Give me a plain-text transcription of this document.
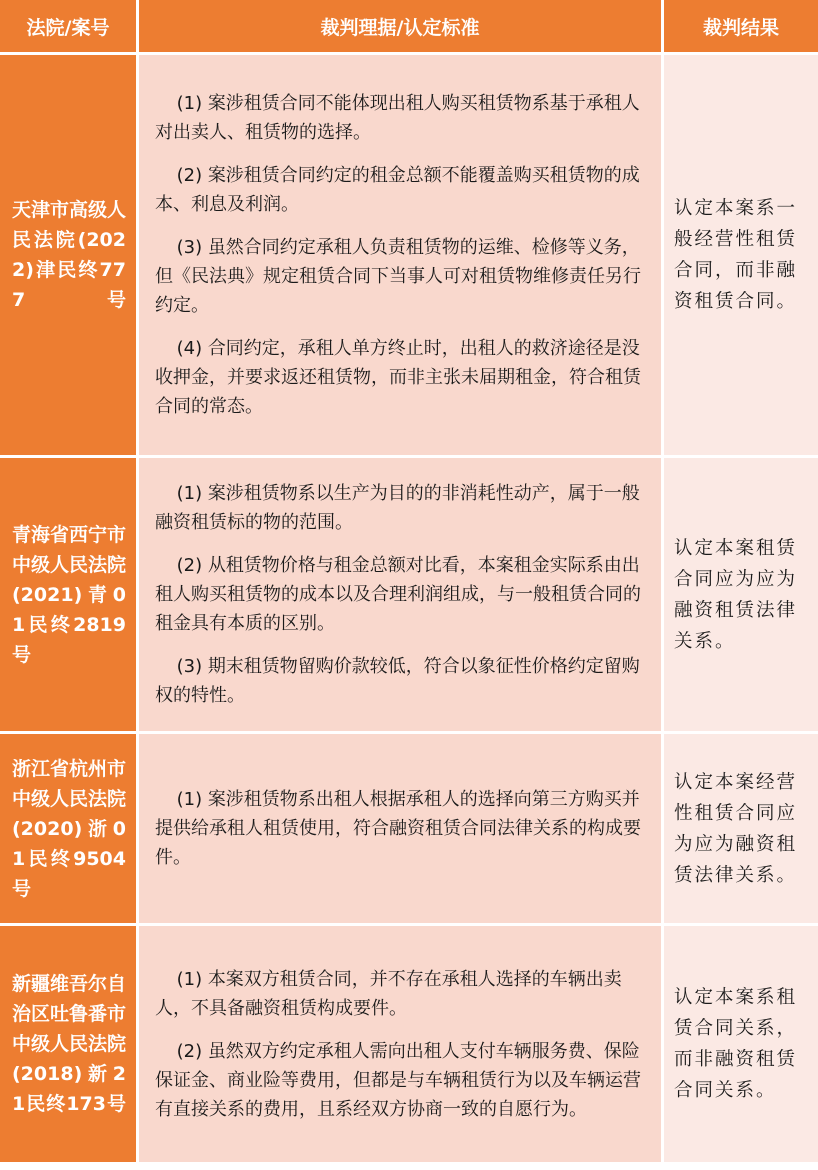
法院/案号	裁判理据/认定标准	裁判结果
天津市高级人民法院(2022)津民终777号

(1) 案涉租赁合同不能体现出租人购买租赁物系基于承租人对出卖人、租赁物的选择。

(2) 案涉租赁合同约定的租金总额不能覆盖购买租赁物的成本、利息及利润。

(3) 虽然合同约定承租人负责租赁物的运维、检修等义务，但《民法典》规定租赁合同下当事人可对租赁物维修责任另行约定。

(4) 合同约定，承租人单方终止时，出租人的救济途径是没收押金，并要求返还租赁物，而非主张未届期租金，符合租赁合同的常态。

认定本案系一般经营性租赁合同，而非融资租赁合同。
青海省西宁市中级人民法院(2021)青01民终2819号

(1) 案涉租赁物系以生产为目的的非消耗性动产，属于一般融资租赁标的物的范围。

(2) 从租赁物价格与租金总额对比看，本案租金实际系由出租人购买租赁物的成本以及合理利润组成，与一般租赁合同的租金具有本质的区别。

(3) 期末租赁物留购价款较低，符合以象征性价格约定留购权的特性。

认定本案租赁合同应为应为融资租赁法律关系。
浙江省杭州市中级人民法院(2020)浙01民终9504号

(1) 案涉租赁物系出租人根据承租人的选择向第三方购买并提供给承租人租赁使用，符合融资租赁合同法律关系的构成要件。

认定本案经营性租赁合同应为应为融资租赁法律关系。
新疆维吾尔自治区吐鲁番市中级人民法院(2018)新21民终173号

(1) 本案双方租赁合同，并不存在承租人选择的车辆出卖人，不具备融资租赁构成要件。

(2) 虽然双方约定承租人需向出租人支付车辆服务费、保险保证金、商业险等费用，但都是与车辆租赁行为以及车辆运营有直接关系的费用，且系经双方协商一致的自愿行为。

认定本案系租赁合同关系，而非融资租赁合同关系。
